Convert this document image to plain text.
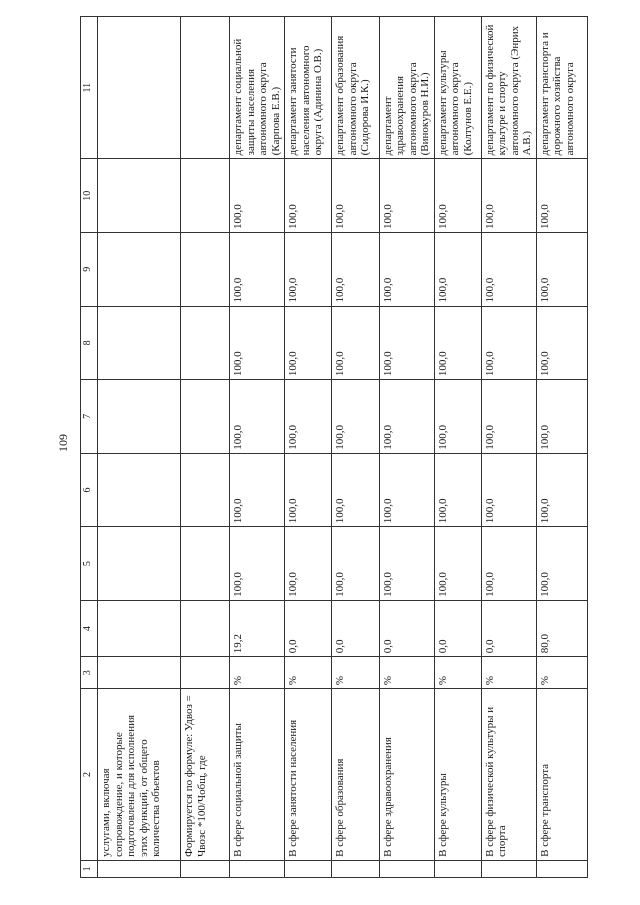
109
1	2	3	4	5	6	7	8	9	10	11
	услугами, включая сопровождение, и которые подготовлены для исполнения этих функций, от общего количества объектов									
	Формируется по формуле: Удвоз = Чвозс *100/Чобщ, где									
	В сфере социальной защиты	%	19,2	100,0	100,0	100,0	100,0	100,0	100,0	департамент социальной защиты населения автономного округа (Карпова Е.В.)
	В сфере занятости населения	%	0,0	100,0	100,0	100,0	100,0	100,0	100,0	департамент занятости населения автономного округа (Адинина О.В.)
	В сфере образования	%	0,0	100,0	100,0	100,0	100,0	100,0	100,0	департамент образования автономного округа (Сидорова И.К.)
	В сфере здравоохранения	%	0,0	100,0	100,0	100,0	100,0	100,0	100,0	департамент здравоохранения автономного округа (Винокуров Н.И.)
	В сфере культуры	%	0,0	100,0	100,0	100,0	100,0	100,0	100,0	департамент культуры автономного округа (Колтунов Е.Е.)
	В сфере физической культуры и спорта	%	0,0	100,0	100,0	100,0	100,0	100,0	100,0	департамент по физической культуре и спорту автономного округа (Энрих А.В.)
	В сфере транспорта	%	80,0	100,0	100,0	100,0	100,0	100,0	100,0	департамент транспорта и дорожного хозяйства автономного округа
